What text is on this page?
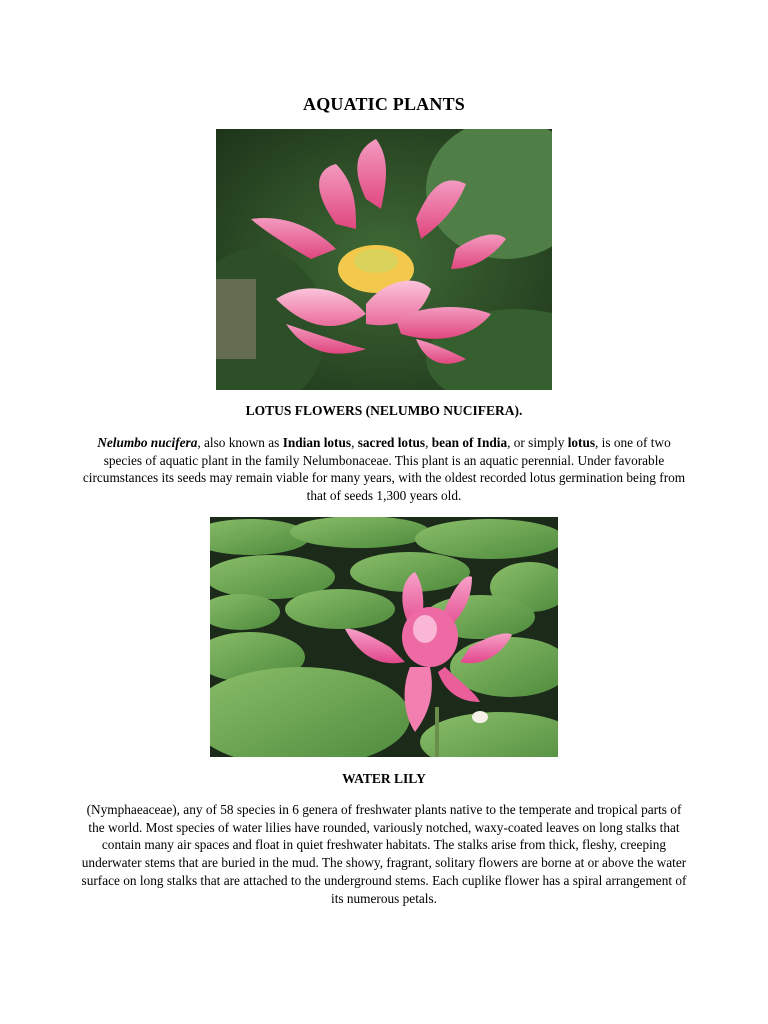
AQUATIC PLANTS
LOTUS FLOWERS (NELUMBO NUCIFERA).
Nelumbo nucifera, also known as Indian lotus, sacred lotus, bean of India, or simply lotus, is one of two species of aquatic plant in the family Nelumbonaceae. This plant is an aquatic perennial. Under favorable circumstances its seeds may remain viable for many years, with the oldest recorded lotus germination being from that of seeds 1,300 years old.
WATER LILY
(Nymphaeaceae), any of 58 species in 6 genera of freshwater plants native to the temperate and tropical parts of the world. Most species of water lilies have rounded, variously notched, waxy-coated leaves on long stalks that contain many air spaces and float in quiet freshwater habitats. The stalks arise from thick, fleshy, creeping underwater stems that are buried in the mud. The showy, fragrant, solitary flowers are borne at or above the water surface on long stalks that are attached to the underground stems. Each cuplike flower has a spiral arrangement of its numerous petals.
